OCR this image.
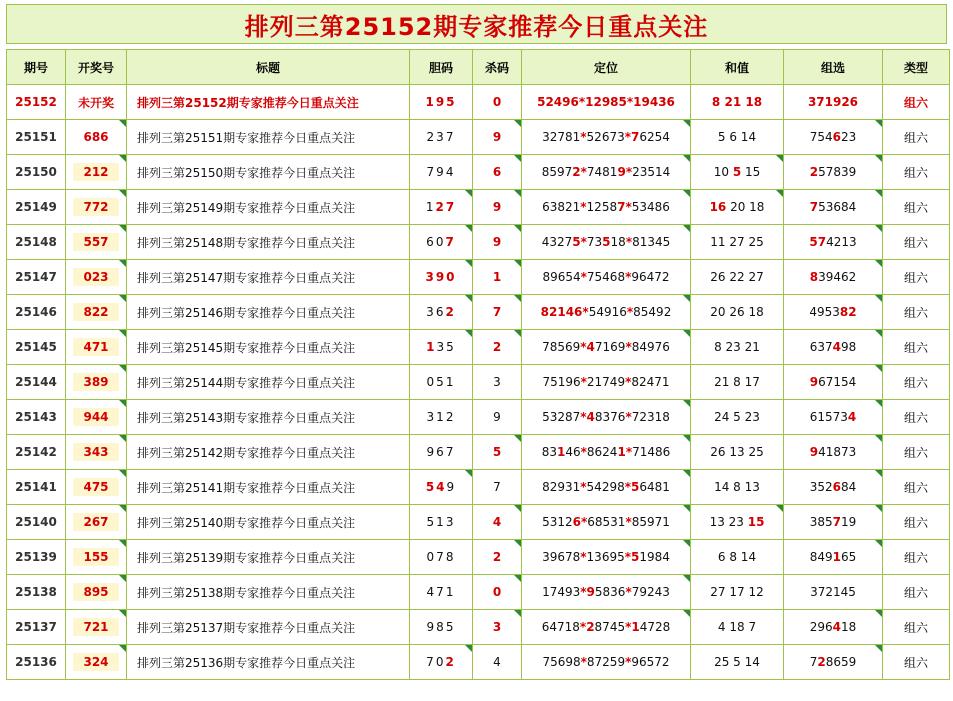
排列三第25152期专家推荐今日重点关注
期号	开奖号	标题	胆码	杀码	定位	和值	组选	类型
25152	未开奖	排列三第25152期专家推荐今日重点关注	195	0	52496*12985*19436	8 21 18	371926	组六
25151	686	排列三第25151期专家推荐今日重点关注	237	9	32781*52673*76254	5 6 14	754623	组六
25150	212	排列三第25150期专家推荐今日重点关注	794	6	85972*74819*23514	10 5 15	257839	组六
25149	772	排列三第25149期专家推荐今日重点关注	127	9	63821*12587*53486	16 20 18	753684	组六
25148	557	排列三第25148期专家推荐今日重点关注	607	9	43275*73518*81345	11 27 25	574213	组六
25147	023	排列三第25147期专家推荐今日重点关注	390	1	89654*75468*96472	26 22 27	839462	组六
25146	822	排列三第25146期专家推荐今日重点关注	362	7	82146*54916*85492	20 26 18	495382	组六
25145	471	排列三第25145期专家推荐今日重点关注	135	2	78569*47169*84976	8 23 21	637498	组六
25144	389	排列三第25144期专家推荐今日重点关注	051	3	75196*21749*82471	21 8 17	967154	组六
25143	944	排列三第25143期专家推荐今日重点关注	312	9	53287*48376*72318	24 5 23	615734	组六
25142	343	排列三第25142期专家推荐今日重点关注	967	5	83146*86241*71486	26 13 25	941873	组六
25141	475	排列三第25141期专家推荐今日重点关注	549	7	82931*54298*56481	14 8 13	352684	组六
25140	267	排列三第25140期专家推荐今日重点关注	513	4	53126*68531*85971	13 23 15	385719	组六
25139	155	排列三第25139期专家推荐今日重点关注	078	2	39678*13695*51984	6 8 14	849165	组六
25138	895	排列三第25138期专家推荐今日重点关注	471	0	17493*95836*79243	27 17 12	372145	组六
25137	721	排列三第25137期专家推荐今日重点关注	985	3	64718*28745*14728	4 18 7	296418	组六
25136	324	排列三第25136期专家推荐今日重点关注	702	4	75698*87259*96572	25 5 14	728659	组六
